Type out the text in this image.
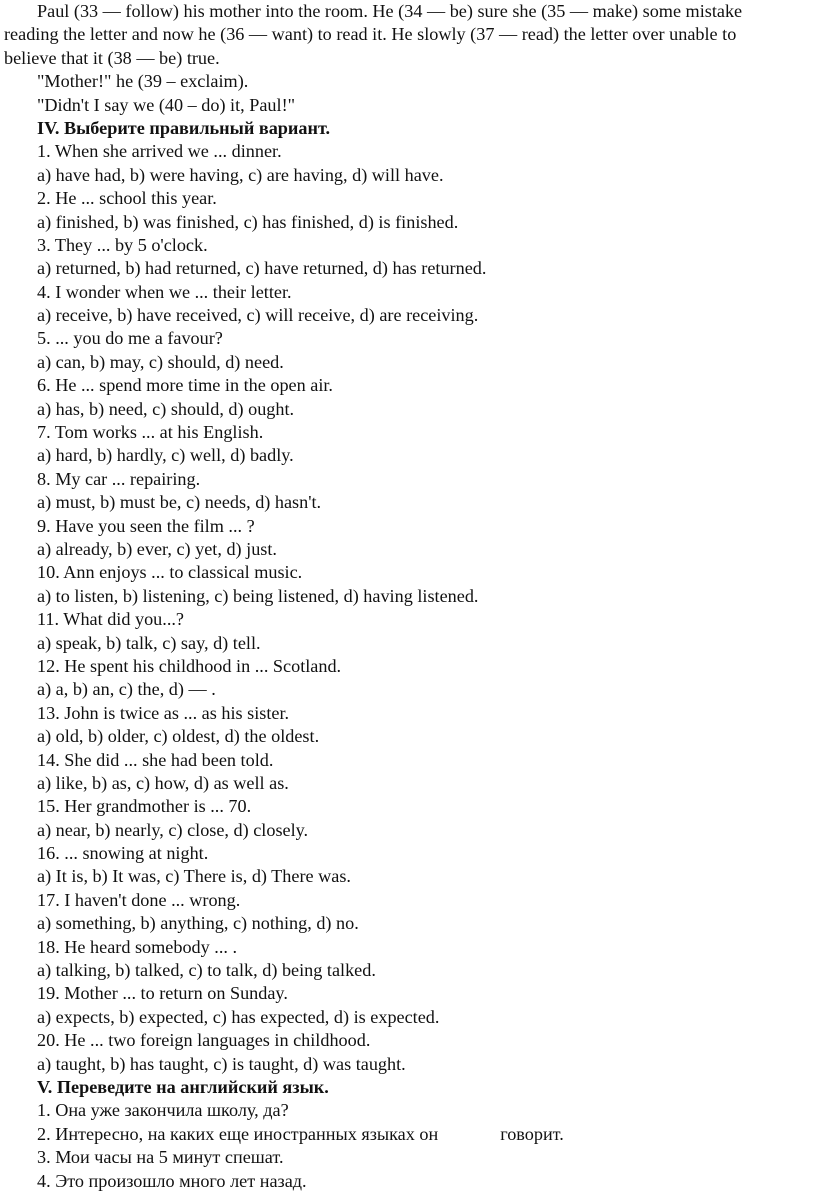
Paul (33 — follow) his mother into the room. He (34 — be) sure she (35 — make) some mistake
reading the letter and now he (36 — want) to read it. He slowly (37 — read) the letter over unable to
believe that it (38 — be) true.
"Mother!" he (39 – exclaim).
"Didn't I say we (40 – do) it, Paul!"
IV. Выберите правильный вариант.
1. When she arrived we ... dinner.
a) have had, b) were having, c) are having, d) will have.
2. He ... school this year.
a) finished, b) was finished, c) has finished, d) is finished.
3. They ... by 5 o'clock.
a) returned, b) had returned, c) have returned, d) has returned.
4. I wonder when we ... their letter.
a) receive, b) have received, c) will receive, d) are receiving.
5. ... you do me a favour?
a) can, b) may, c) should, d) need.
6. He ... spend more time in the open air.
a) has, b) need, c) should, d) ought.
7. Tom works ... at his English.
a) hard, b) hardly, c) well, d) badly.
8. My car ... repairing.
a) must, b) must be, c) needs, d) hasn't.
9. Have you seen the film ... ?
a) already, b) ever, c) yet, d) just.
10. Ann enjoys ... to classical music.
a) to listen, b) listening, c) being listened, d) having listened.
11. What did you...?
a) speak, b) talk, c) say, d) tell.
12. He spent his childhood in ... Scotland.
a) a, b) an, c) the, d) — .
13. John is twice as ... as his sister.
a) old, b) older, c) oldest, d) the oldest.
14. She did ... she had been told.
a) like, b) as, c) how, d) as well as.
15. Her grandmother is ... 70.
a) near, b) nearly, c) close, d) closely.
16. ... snowing at night.
a) It is, b) It was, c) There is, d) There was.
17. I haven't done ... wrong.
a) something, b) anything, c) nothing, d) no.
18. He heard somebody ... .
a) talking, b) talked, c) to talk, d) being talked.
19. Mother ... to return on Sunday.
a) expects, b) expected, c) has expected, d) is expected.
20. He ... two foreign languages in childhood.
a) taught, b) has taught, c) is taught, d) was taught.
V. Переведите на английский язык.
1. Она уже закончила школу, да?
2. Интересно, на каких еще иностранных языках он	говорит.
3. Мои часы на 5 минут спешат.
4. Это произошло много лет назад.
